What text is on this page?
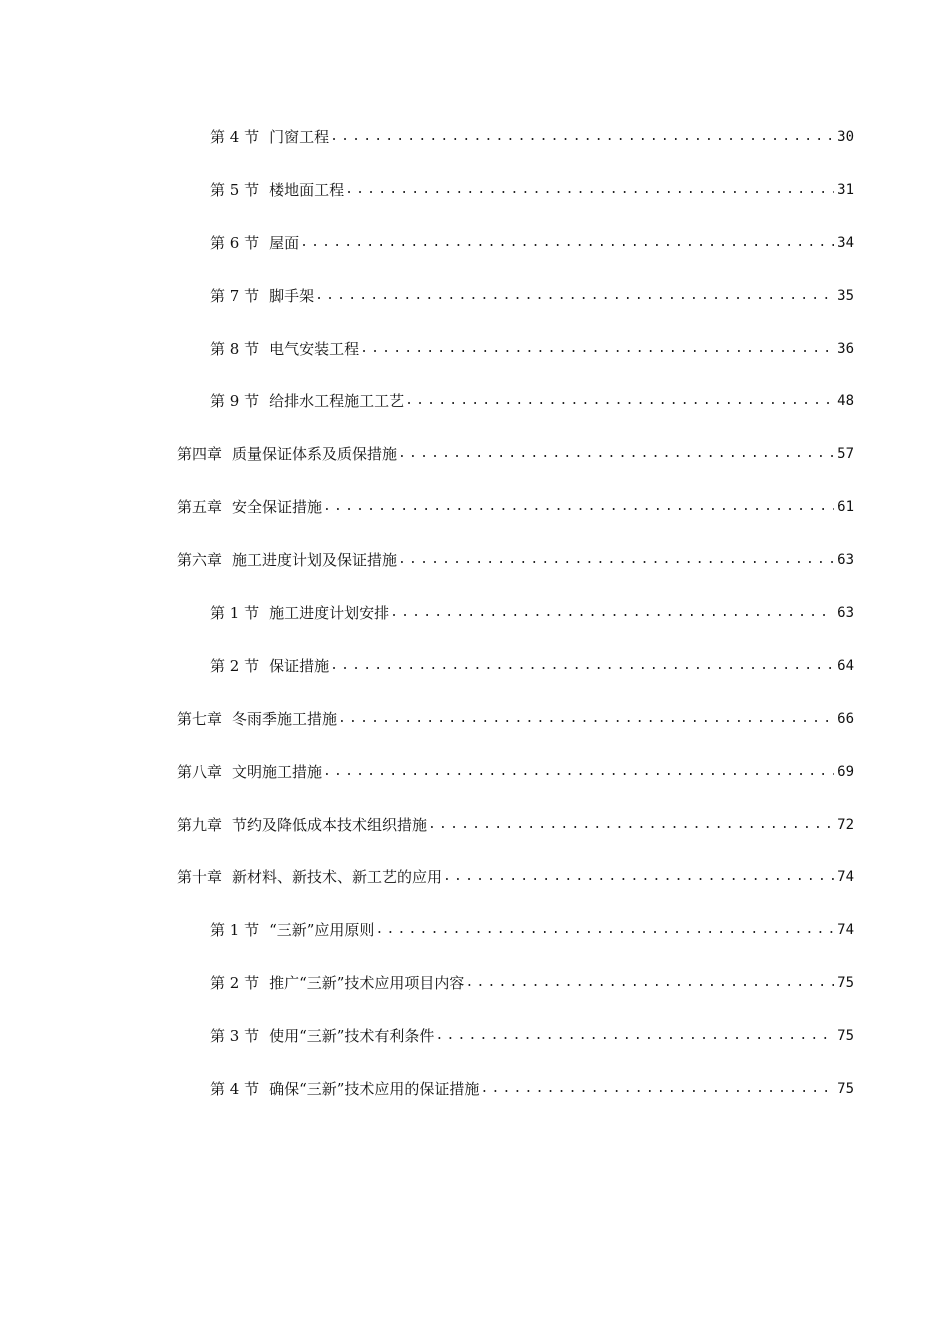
第 4 节 门窗工程 .....	30
第 5 节 楼地面工程 .....	31
第 6 节 屋面 .....	34
第 7 节 脚手架 .....	35
第 8 节 电气安装工程 .....	36
第 9 节 给排水工程施工工艺 .....	48
第四章 质量保证体系及质保措施 .....	57
第五章 安全保证措施 .....	61
第六章 施工进度计划及保证措施 .....	63
第 1 节 施工进度计划安排 .....	63
第 2 节 保证措施 .....	64
第七章 冬雨季施工措施 .....	66
第八章 文明施工措施 .....	69
第九章 节约及降低成本技术组织措施 .....	72
第十章 新材料、新技术、新工艺的应用 .....	74
第 1 节 “三新”应用原则 .....	74
第 2 节 推广“三新”技术应用项目内容 .....	75
第 3 节 使用“三新”技术有利条件 .....	75
第 4 节 确保“三新”技术应用的保证措施 .....	75
